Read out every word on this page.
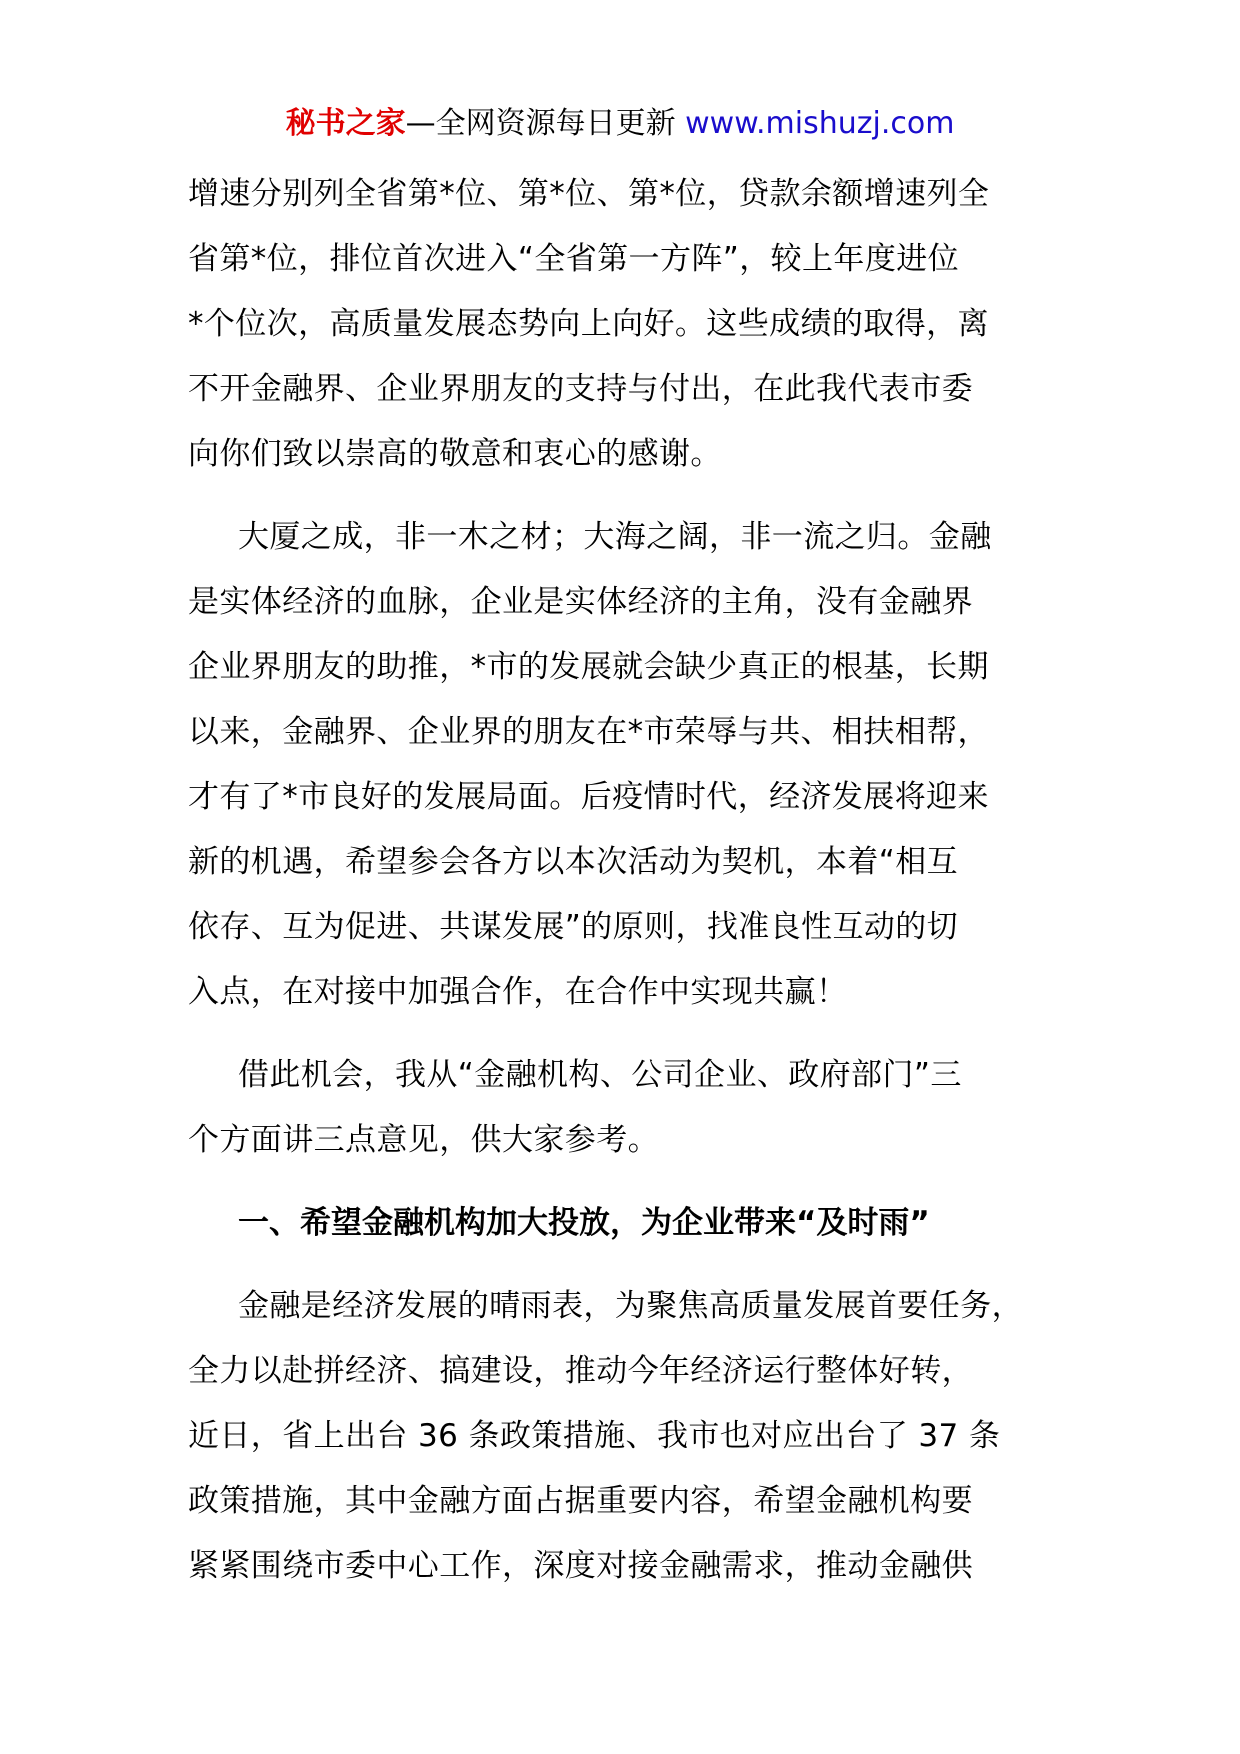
秘书之家—全网资源每日更新 www.mishuzj.com

增速分别列全省第*位、第*位、第*位，贷款余额增速列全
省第*位，排位首次进入“全省第一方阵”，较上年度进位
*个位次，高质量发展态势向上向好。这些成绩的取得，离
不开金融界、企业界朋友的支持与付出，在此我代表市委
向你们致以崇高的敬意和衷心的感谢。

大厦之成，非一木之材；大海之阔，非一流之归。金融
是实体经济的血脉，企业是实体经济的主角，没有金融界
企业界朋友的助推，*市的发展就会缺少真正的根基，长期
以来，金融界、企业界的朋友在*市荣辱与共、相扶相帮，
才有了*市良好的发展局面。后疫情时代，经济发展将迎来
新的机遇，希望参会各方以本次活动为契机，本着“相互
依存、互为促进、共谋发展”的原则，找准良性互动的切
入点，在对接中加强合作，在合作中实现共赢！

借此机会，我从“金融机构、公司企业、政府部门”三
个方面讲三点意见，供大家参考。

一、希望金融机构加大投放，为企业带来“及时雨”

金融是经济发展的晴雨表，为聚焦高质量发展首要任务，
全力以赴拼经济、搞建设，推动今年经济运行整体好转，
近日，省上出台 36 条政策措施、我市也对应出台了 37 条
政策措施，其中金融方面占据重要内容，希望金融机构要
紧紧围绕市委中心工作，深度对接金融需求，推动金融供
